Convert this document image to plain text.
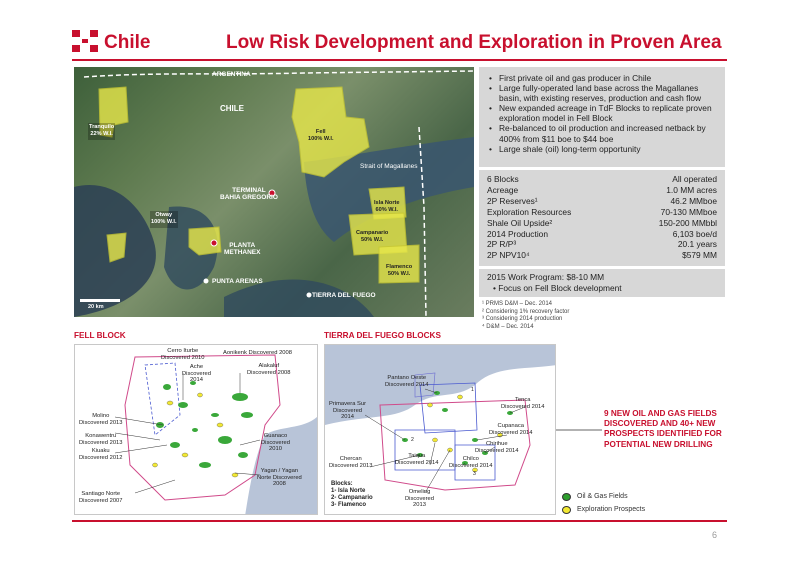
Chile	Low Risk Development and Exploration in Proven Area
ARGENTINA
CHILE
Strait of Magallanes
TERMINAL
BAHIA GREGORIO
PLANTA
METHANEX
PUNTA ARENAS
TIERRA DEL FUEGO
20 km
Tranquilo
22% W.I.	Fell
100% W.I.
Otway
100% W.I.
Isla Norte
60% W.I.
Campanario
50% W.I.
Flamenco
50% W.I.
• First private oil and gas producer in Chile
• Large fully-operated land base across the Magallanes basin, with existing reserves, production and cash flow
• New expanded acreage in TdF Blocks to replicate proven exploration model in Fell Block
• Re-balanced to oil production and increased netback by 400% from $11 boe to $44 boe
• Large shale (oil) long-term opportunity
6 Blocks	All operated
Acreage	1.0 MM acres
2P Reserves¹	46.2 MMboe
Exploration Resources	70-130 MMboe
Shale Oil Upside²	150-200 MMbbl
2014 Production	6,103 boe/d
2P R/P³	20.1 years
2P NPV10⁴	$579 MM
2015 Work Program: $8-10 MM
• Focus on Fell Block development
¹ PRMS D&M – Dec. 2014
² Considering 1% recovery factor
³ Considering 2014 production
⁴ D&M – Dec. 2014
FELL BLOCK	TIERRA DEL FUEGO BLOCKS
Cerro Iturbe
Discovered 2010
Ache
Discovered
2014
Aonikenk Discovered 2008
Alakaluf
Discovered 2008
Molino
Discovered 2013
Konawentru
Discovered 2013
Kiuaku
Discovered 2012
Guanaco
Discovered
2010
Yagan / Yagan
Norte Discovered
2008
Santiago Norte
Discovered 2007
Pantano Oeste
Discovered 2014
Primavera Sur
Discovered
2014
Tenca
Discovered 2014
Cupanaca
Discovered 2014
Chirihue
Discovered 2014
Chercan
Discovered 2013
Taiqua
Discovered 2014
Chilco
Discovered 2014
Omeling
Discovered
2013
1
2
3
Blocks:
1- Isla Norte
2- Campanario
3- Flamenco
Oil & Gas Fields
Exploration Prospects
9 NEW OIL AND GAS FIELDS DISCOVERED AND 40+ NEW PROSPECTS IDENTIFIED FOR POTENTIAL NEW DRILLING
6
